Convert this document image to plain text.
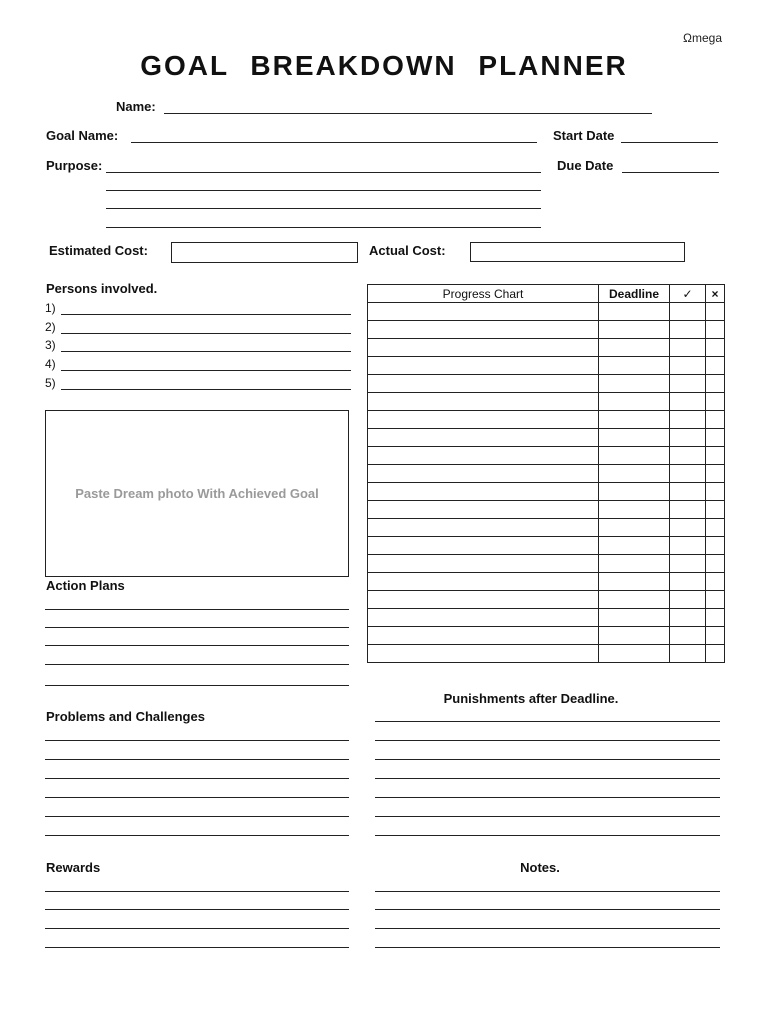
Ωmega
GOAL BREAKDOWN PLANNER
Name:
Goal Name:	Start Date
Purpose:	Due Date
Estimated Cost:	Actual Cost:
Persons involved.
1)
2)
3)
4)
5)
Paste Dream photo With Achieved Goal
Action Plans
Problems and Challenges
Rewards
Progress Chart	Deadline	✓	×

Punishments after Deadline.
Notes.
